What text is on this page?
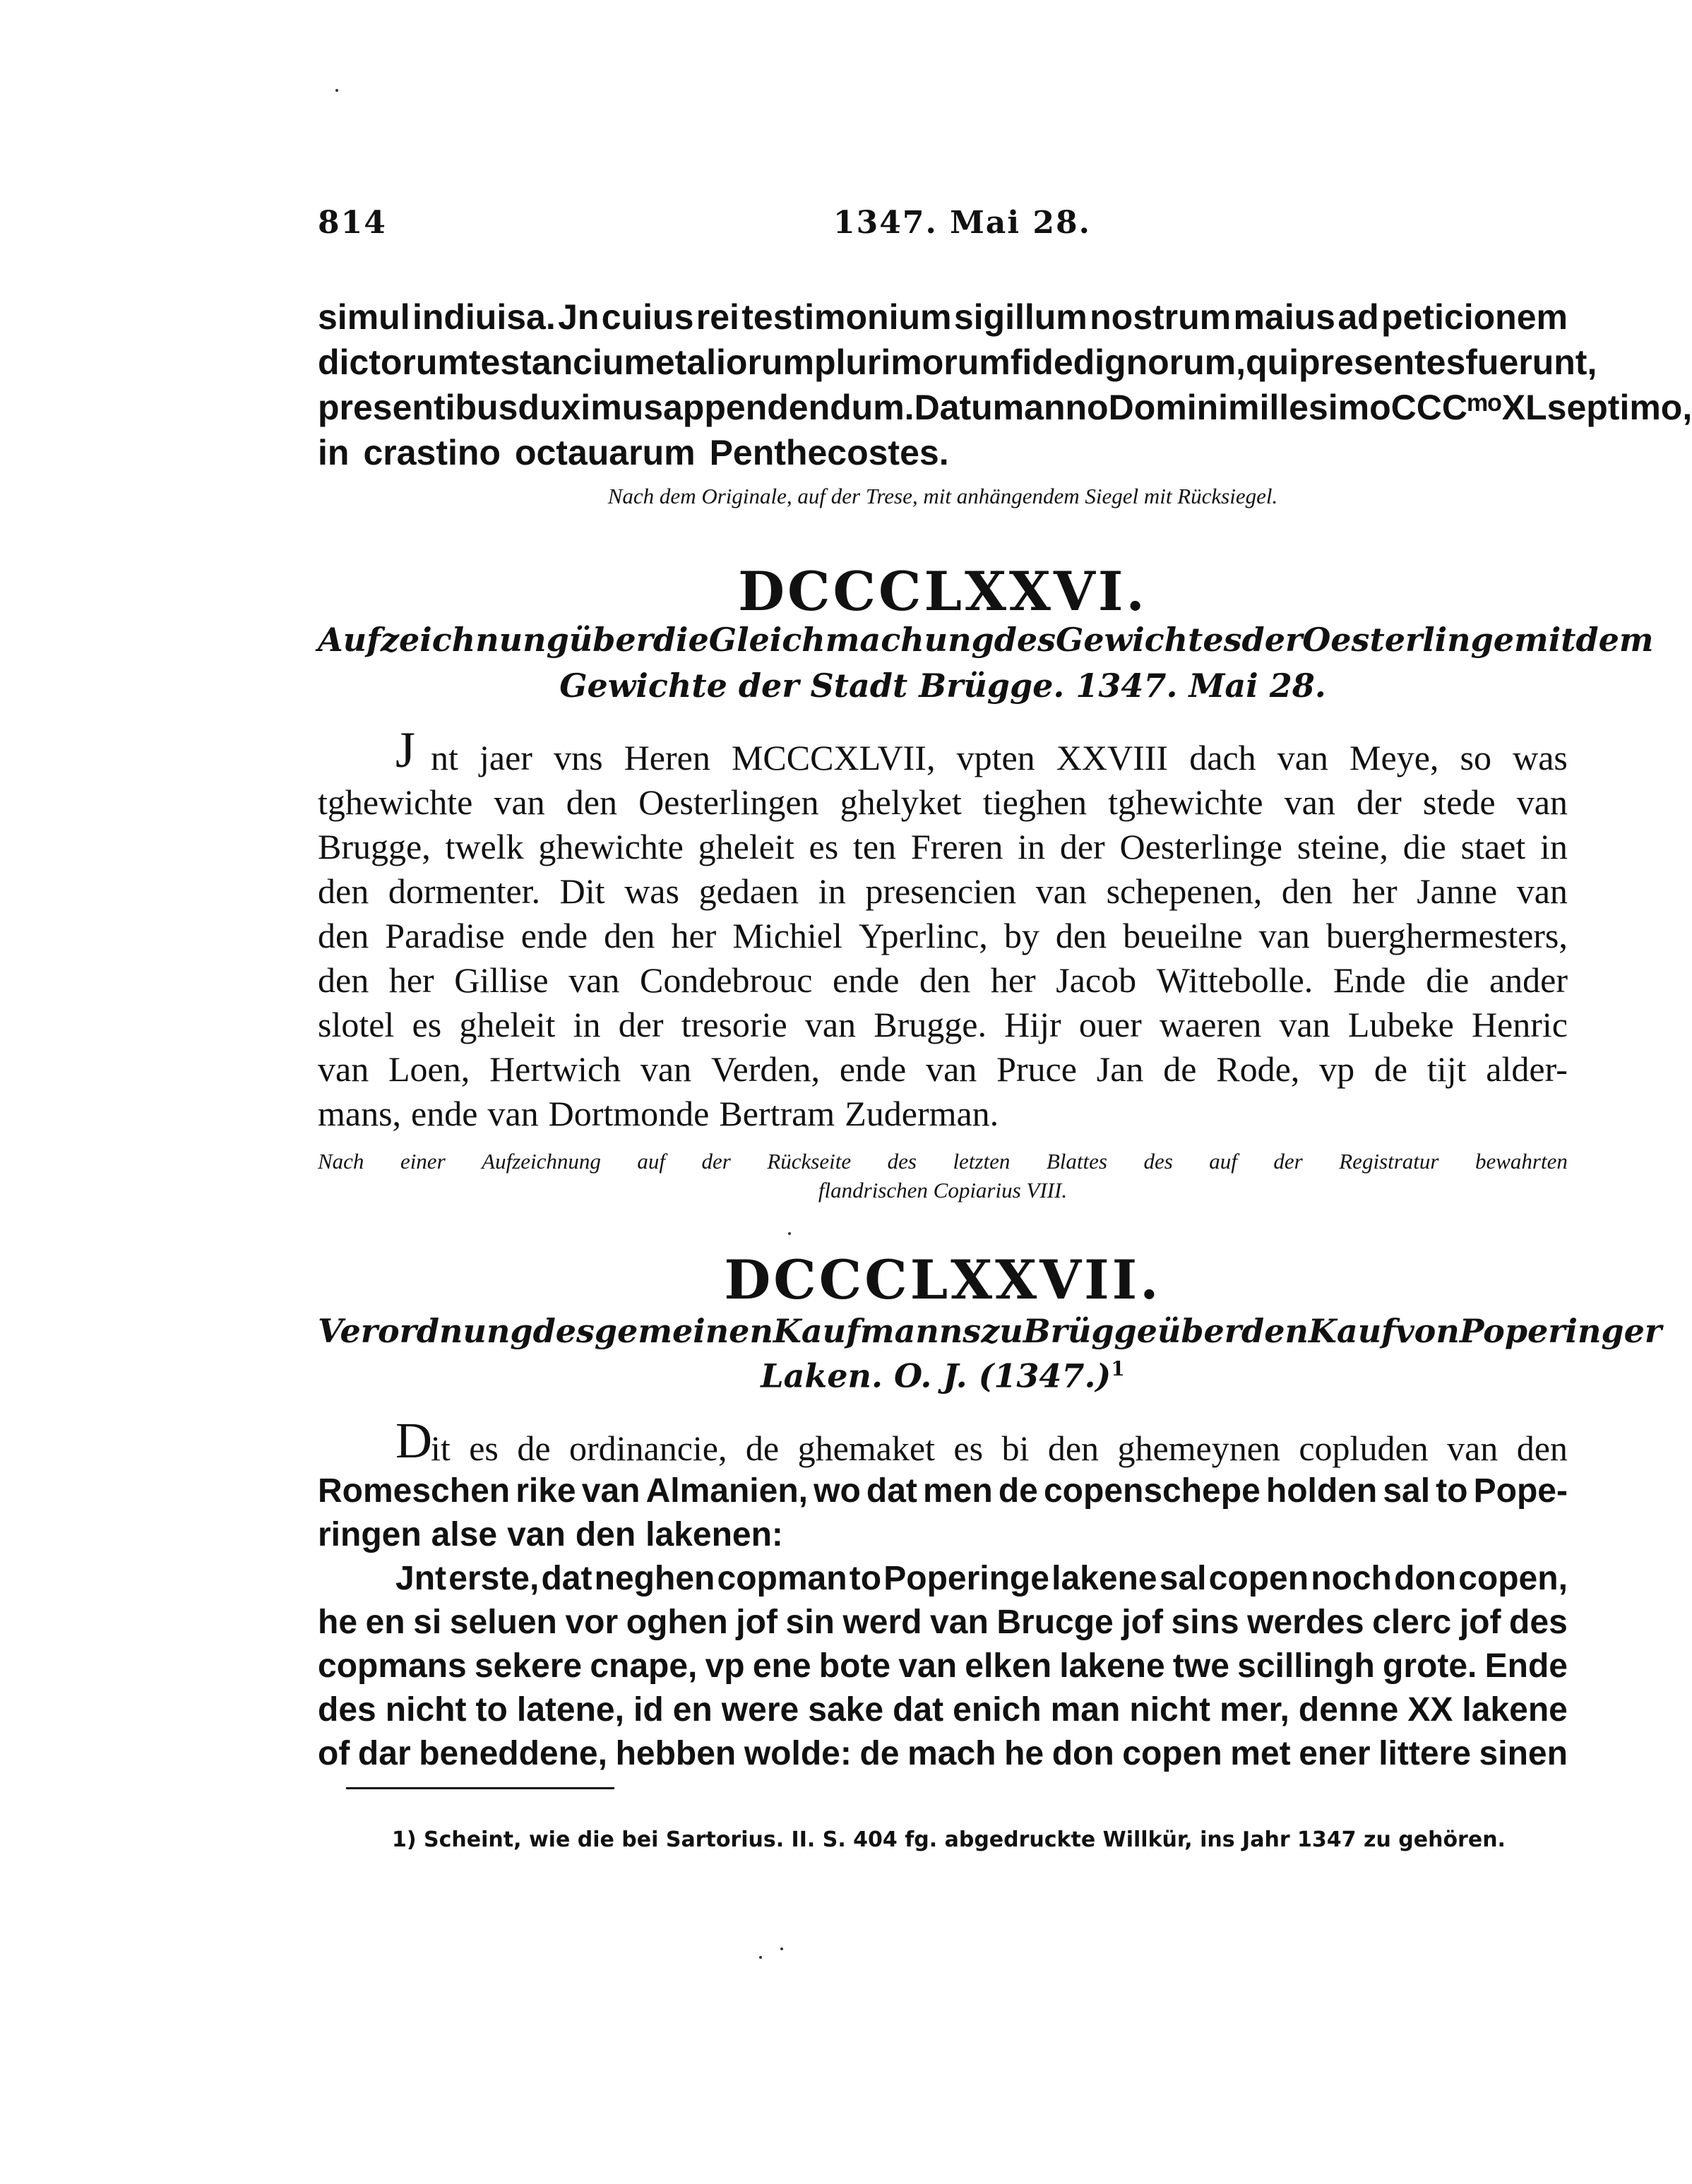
814	1347. Mai 28.
simul indiuisa. Jn cuius rei testimonium sigillum nostrum maius ad peticionem
dictorum testancium et aliorum plurimorum fidedignorum, qui presentes fuerunt,
presentibus duximus appendendum. Datum anno Domini millesimo CCCᵐᵒ XL septimo,
in crastino octauarum Penthecostes.
Nach dem Originale, auf der Trese, mit anhängendem Siegel mit Rücksiegel.
DCCCLXXVI.
Aufzeichnung über die Gleichmachung des Gewichtes der Oesterlinge mit dem
Gewichte der Stadt Brügge. 1347. Mai 28.
J nt jaer vns Heren MCCCXLVII, vpten XXVIII dach van Meye, so was
tghewichte van den Oesterlingen ghelyket tieghen tghewichte van der stede van
Brugge, twelk ghewichte gheleit es ten Freren in der Oesterlinge steine, die staet in
den dormenter. Dit was gedaen in presencien van schepenen, den her Janne van
den Paradise ende den her Michiel Yperlinc, by den beueilne van buerghermesters,
den her Gillise van Condebrouc ende den her Jacob Wittebolle. Ende die ander
slotel es gheleit in der tresorie van Brugge. Hijr ouer waeren van Lubeke Henric
van Loen, Hertwich van Verden, ende van Pruce Jan de Rode, vp de tijt alder-
mans, ende van Dortmonde Bertram Zuderman.
Nach einer Aufzeichnung auf der Rückseite des letzten Blattes des auf der Registratur bewahrten
flandrischen Copiarius VIII.
DCCCLXXVII.
Verordnung des gemeinen Kaufmanns zu Brügge über den Kauf von Poperinger
Laken. O. J. $(1347.)^1$
D
it es de ordinancie, de ghemaket es bi den ghemeynen copluden van den
Romeschen rike van Almanien, wo dat men de copenschepe holden sal to Pope-
ringen alse van den lakenen:
Jnt erste, dat neghen copman to Poperinge lakene sal copen noch don copen,
he en si seluen vor oghen jof sin werd van Brucge jof sins werdes clerc jof des
copmans sekere cnape, vp ene bote van elken lakene twe scillingh grote. Ende
des nicht to latene, id en were sake dat enich man nicht mer, denne XX lakene
of dar beneddene, hebben wolde: de mach he don copen met ener littere sinen
1) Scheint, wie die bei Sartorius. II. S. 404 fg. abgedruckte Willkür, ins Jahr 1347 zu gehören.
